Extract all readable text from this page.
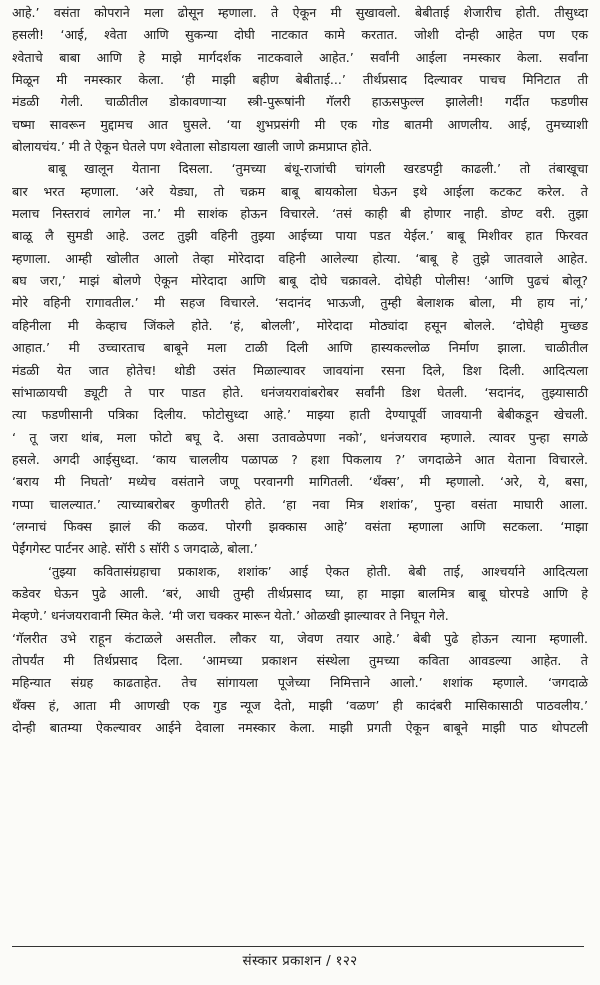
आहे.’ वसंता कोपराने मला ढोसून म्हणाला. ते ऐकून मी सुखावलो. बेबीताई शेजारीच होती. तीसुध्दा
हसली! ‘आई, श्वेता आणि सुकन्या दोघी नाटकात कामे करतात. जोशी दोन्ही आहेत पण एक
श्वेताचे बाबा आणि हे माझे मार्गदर्शक नाटकवाले आहेत.’ सर्वांनी आईला नमस्कार केला. सर्वांना
मिळून मी नमस्कार केला. ‘ही माझी बहीण बेबीताई...’ तीर्थप्रसाद दिल्यावर पाचच मिनिटात ती
मंडळी गेली. चाळीतील डोकावणाऱ्या स्त्री-पुरूषांनी गॅलरी हाऊसफुल्ल झालेली! गर्दीत फडणीस
चष्मा सावरून मुद्दामच आत घुसले. ‘या शुभप्रसंगी मी एक गोड बातमी आणलीय. आई, तुमच्याशी
बोलायचंय.’ मी ते ऐकून घेतले पण श्वेताला सोडायला खाली जाणे क्रमप्राप्त होते.
बाबू खालून येताना दिसला. ‘तुमच्या बंधू-राजांची चांगली खरडपट्टी काढली.’ तो तंबाखूचा
बार भरत म्हणाला. ‘अरे येड्या, तो चक्रम बाबू बायकोला घेऊन इथे आईला कटकट करेल. ते
मलाच निस्तरावं लागेल ना.’ मी साशंक होऊन विचारले. ‘तसं काही बी होणार नाही. डोण्ट वरी. तुझा
बाळू लै सुमडी आहे. उलट तुझी वहिनी तुझ्या आईच्या पाया पडत येईल.’ बाबू मिशीवर हात फिरवत
म्हणाला. आम्ही खोलीत आलो तेव्हा मोरेदादा वहिनी आलेल्या होत्या. ‘बाबू हे तुझे जातवाले आहेत.
बघ जरा,’ माझं बोलणे ऐकून मोरेदादा आणि बाबू दोघे चक्रावले. दोघेही पोलीस! ‘आणि पुढचं बोलू?
मोरे वहिनी रागावतील.’ मी सहज विचारले. ‘सदानंद भाऊजी, तुम्ही बेलाशक बोला, मी हाय नां,’
वहिनीला मी केव्हाच जिंकले होते. ‘हं, बोलली’, मोरेदादा मोठ्यांदा हसून बोलले. ‘दोघेही मुच्छड
आहात.’ मी उच्चारताच बाबूने मला टाळी दिली आणि हास्यकल्लोळ निर्माण झाला. चाळीतील
मंडळी येत जात होतेच! थोडी उसंत मिळाल्यावर जावयांना रसना दिले, डिश दिली. आदित्यला
सांभाळायची ड्यूटी ते पार पाडत होते. धनंजयरावांबरोबर सर्वांनी डिश घेतली. ‘सदानंद, तुझ्यासाठी
त्या फडणीसानी पत्रिका दिलीय. फोटोसुध्दा आहे.’ माझ्या हाती देण्यापूर्वी जावयानी बेबीकडून खेचली.
‘ तू जरा थांब, मला फोटो बघू दे. असा उतावळेपणा नको’, धनंजयराव म्हणाले. त्यावर पुन्हा सगळे
हसले. अगदी आईसुध्दा. ‘काय चाललीय पळापळ ? हशा पिकलाय ?’ जगदाळेने आत येताना विचारले.
‘बराय मी निघतो’ मध्येच वसंताने जणू परवानगी मागितली. ‘थँक्स’, मी म्हणालो. ‘अरे, ये, बसा,
गप्पा चालल्यात.’ त्याच्याबरोबर कुणीतरी होते. ‘हा नवा मित्र शशांक’, पुन्हा वसंता माघारी आला.
‘लग्नाचं फिक्स झालं की कळव. पोरगी झक्कास आहे’ वसंता म्हणाला आणि सटकला. ‘माझा
पेईंगगेस्ट पार्टनर आहे. सॉरी ऽ सॉरी ऽ जगदाळे, बोला.’
‘तुझ्या कवितासंग्रहाचा प्रकाशक, शशांक’ आई ऐकत होती. बेबी ताई, आश्चर्याने आदित्यला
कडेवर घेऊन पुढे आली. ‘बरं, आधी तुम्ही तीर्थप्रसाद घ्या, हा माझा बालमित्र बाबू घोरपडे आणि हे
मेव्हणे.’ धनंजयरावानी स्मित केले. ‘मी जरा चक्कर मारून येतो.’ ओळखी झाल्यावर ते निघून गेले.
‘गॅलरीत उभे राहून कंटाळले असतील. लौकर या, जेवण तयार आहे.’ बेबी पुढे होऊन त्याना म्हणाली.
तोपर्यंत मी तिर्थप्रसाद दिला. ‘आमच्या प्रकाशन संस्थेला तुमच्या कविता आवडल्या आहेत. ते
महिन्यात संग्रह काढताहेत. तेच सांगायला पूजेच्या निमित्ताने आलो.’ शशांक म्हणाले. ‘जगदाळे
थँक्स हं, आता मी आणखी एक गुड न्यूज देतो, माझी ‘वळण’ ही कादंबरी मासिकासाठी पाठवलीय.’
दोन्ही बातम्या ऐकल्यावर आईने देवाला नमस्कार केला. माझी प्रगती ऐकून बाबूने माझी पाठ थोपटली
संस्कार प्रकाशन / १२२
